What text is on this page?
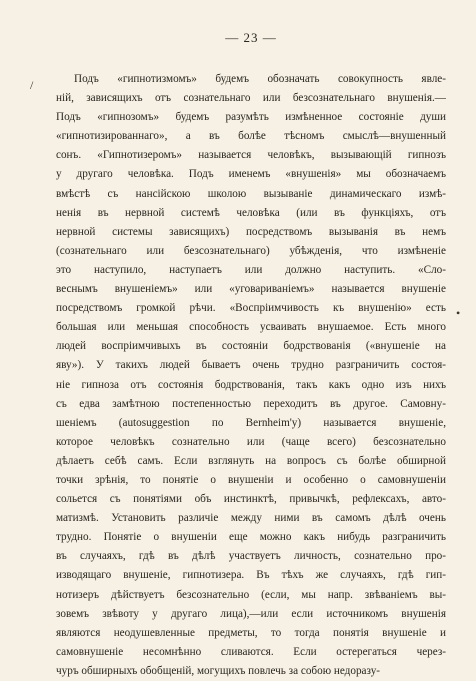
— 23 —
/
•
Подъ «гипнотизмомъ» будемъ обозначать совокупность явле-
ній, зависящихъ отъ сознательнаго или безсознательнаго внушенія.—
Подъ «гипнозомъ» будемъ разумѣть измѣненное состояніе души
«гипнотизированнаго», а въ болѣе тѣсномъ смыслѣ—внушенный
сонъ. «Гипнотизеромъ» называется человѣкъ, вызывающій гипнозъ
у другаго человѣка. Подъ именемъ «внушенія» мы обозначаемъ
вмѣстѣ съ нансійскою школою вызываніе динамическаго измѣ-
ненія въ нервной системѣ человѣка (или въ функціяхъ, отъ
нервной системы зависящихъ) посредствомъ вызыванія въ немъ
(сознательнаго или безсознательнаго) убѣжденія, что измѣненіе
это наступило, наступаетъ или должно наступить. «Сло-
веснымъ внушеніемъ» или «уговариваніемъ» называется внушеніе
посредствомъ громкой рѣчи. «Воспріимчивость къ внушенію» есть
большая или меньшая способность усваивать внушаемое. Есть много
людей воспріимчивыхъ въ состояніи бодрствованія («внушеніе на
яву»). У такихъ людей бываетъ очень трудно разграничить состоя-
ніе гипноза отъ состоянія бодрствованія, такъ какъ одно изъ нихъ
съ едва замѣтною постепенностью переходитъ въ другое. Самовну-
шеніемъ (autosuggestion по Bernheim'у) называется внушеніе,
которое человѣкъ сознательно или (чаще всего) безсознательно
дѣлаетъ себѣ самъ. Если взглянуть на вопросъ съ болѣе обширной
точки зрѣнія, то понятіе о внушеніи и особенно о самовнушеніи
сольется съ понятіями объ инстинктѣ, привычкѣ, рефлексахъ, авто-
матизмѣ. Установить различіе между ними въ самомъ дѣлѣ очень
трудно. Понятіе о внушеніи еще можно какъ нибудь разграничить
въ случаяхъ, гдѣ въ дѣлѣ участвуетъ личность, сознательно про-
изводящаго внушеніе, гипнотизера. Въ тѣхъ же случаяхъ, гдѣ гип-
нотизеръ дѣйствуетъ безсознательно (если, мы напр. звѣваніемъ вы-
зовемъ звѣвоту у другаго лица),—или если источникомъ внушенія
являются неодушевленные предметы, то тогда понятія внушеніе и
самовнушеніе несомнѣнно сливаются. Если остерегаться через-
чуръ обширныхъ обобщеній, могущихъ повлечь за собою недоразу-
